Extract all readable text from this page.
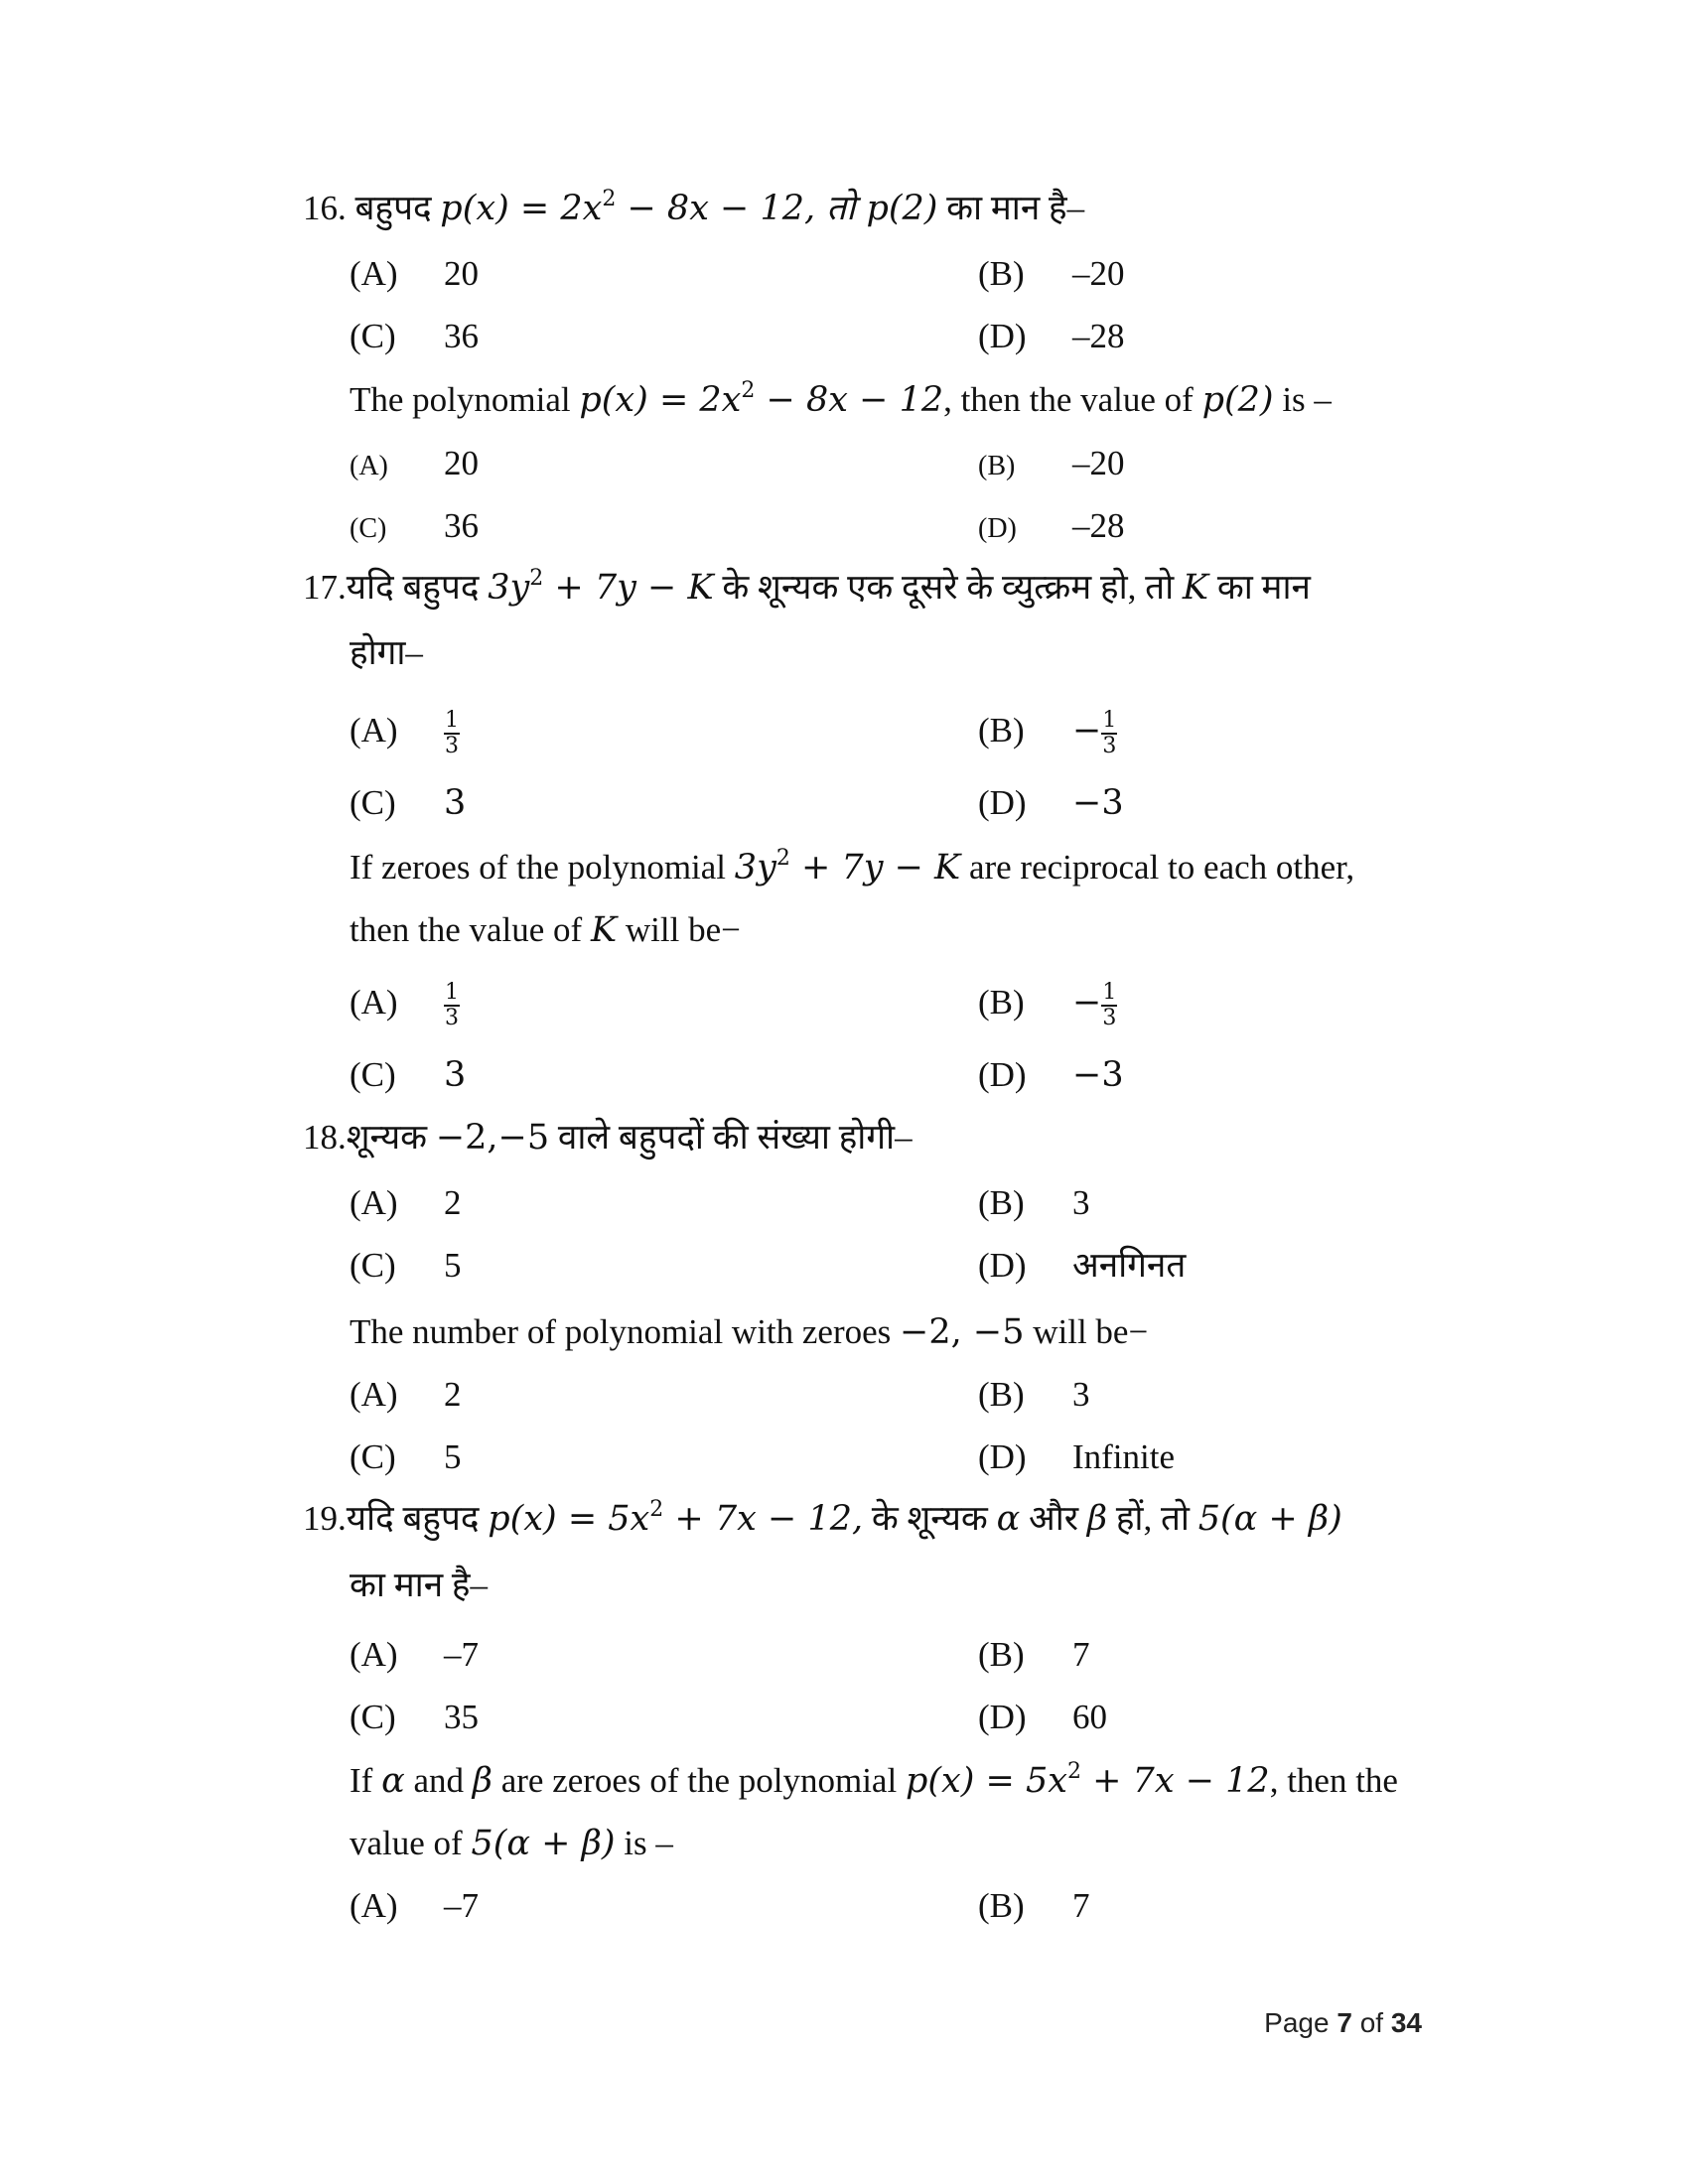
16. बहुपद $p(x) = 2x^2 - 8x - 12$, तो p(2) का मान है–
(A) 20	(B) –20
(C) 36	(D) –28
The polynomial $p(x) = 2x^2 - 8x - 12$, then the value of p(2) is –
(A) 20	(B) –20
(C) 36	(D) –28
17.यदि बहुपद $3y^2 + 7y - K$ के शून्यक एक दूसरे के व्युत्क्रम हो, तो K का मान
होगा–
$(A) \frac{1}{3}$	$(B) - \frac{1}{3}$
(C) 3	(D) −3
If zeroes of the polynomial $3y^2 + 7y - K$ are reciprocal to each other,
then the value of K will be−
$(A) \frac{1}{3}$	$(B) - \frac{1}{3}$
(C) 3	(D) −3
18.शून्यक −2,−5 वाले बहुपदों की संख्या होगी–
(A) 2	(B) 3
(C) 5	(D) अनगिनत
The number of polynomial with zeroes −2, −5 will be−
(A) 2	(B) 3
(C) 5	(D) Infinite
19.यदि बहुपद $p(x) = 5x^2 + 7x - 12$, के शून्यक α और β हों, तो 5(α + β)
का मान है–
(A) –7	(B) 7
(C) 35	(D) 60
If α and β are zeroes of the polynomial $p(x) = 5x^2 + 7x - 12$, then the
value of 5(α + β) is –
(A) –7	(B) 7
Page 7 of 34
